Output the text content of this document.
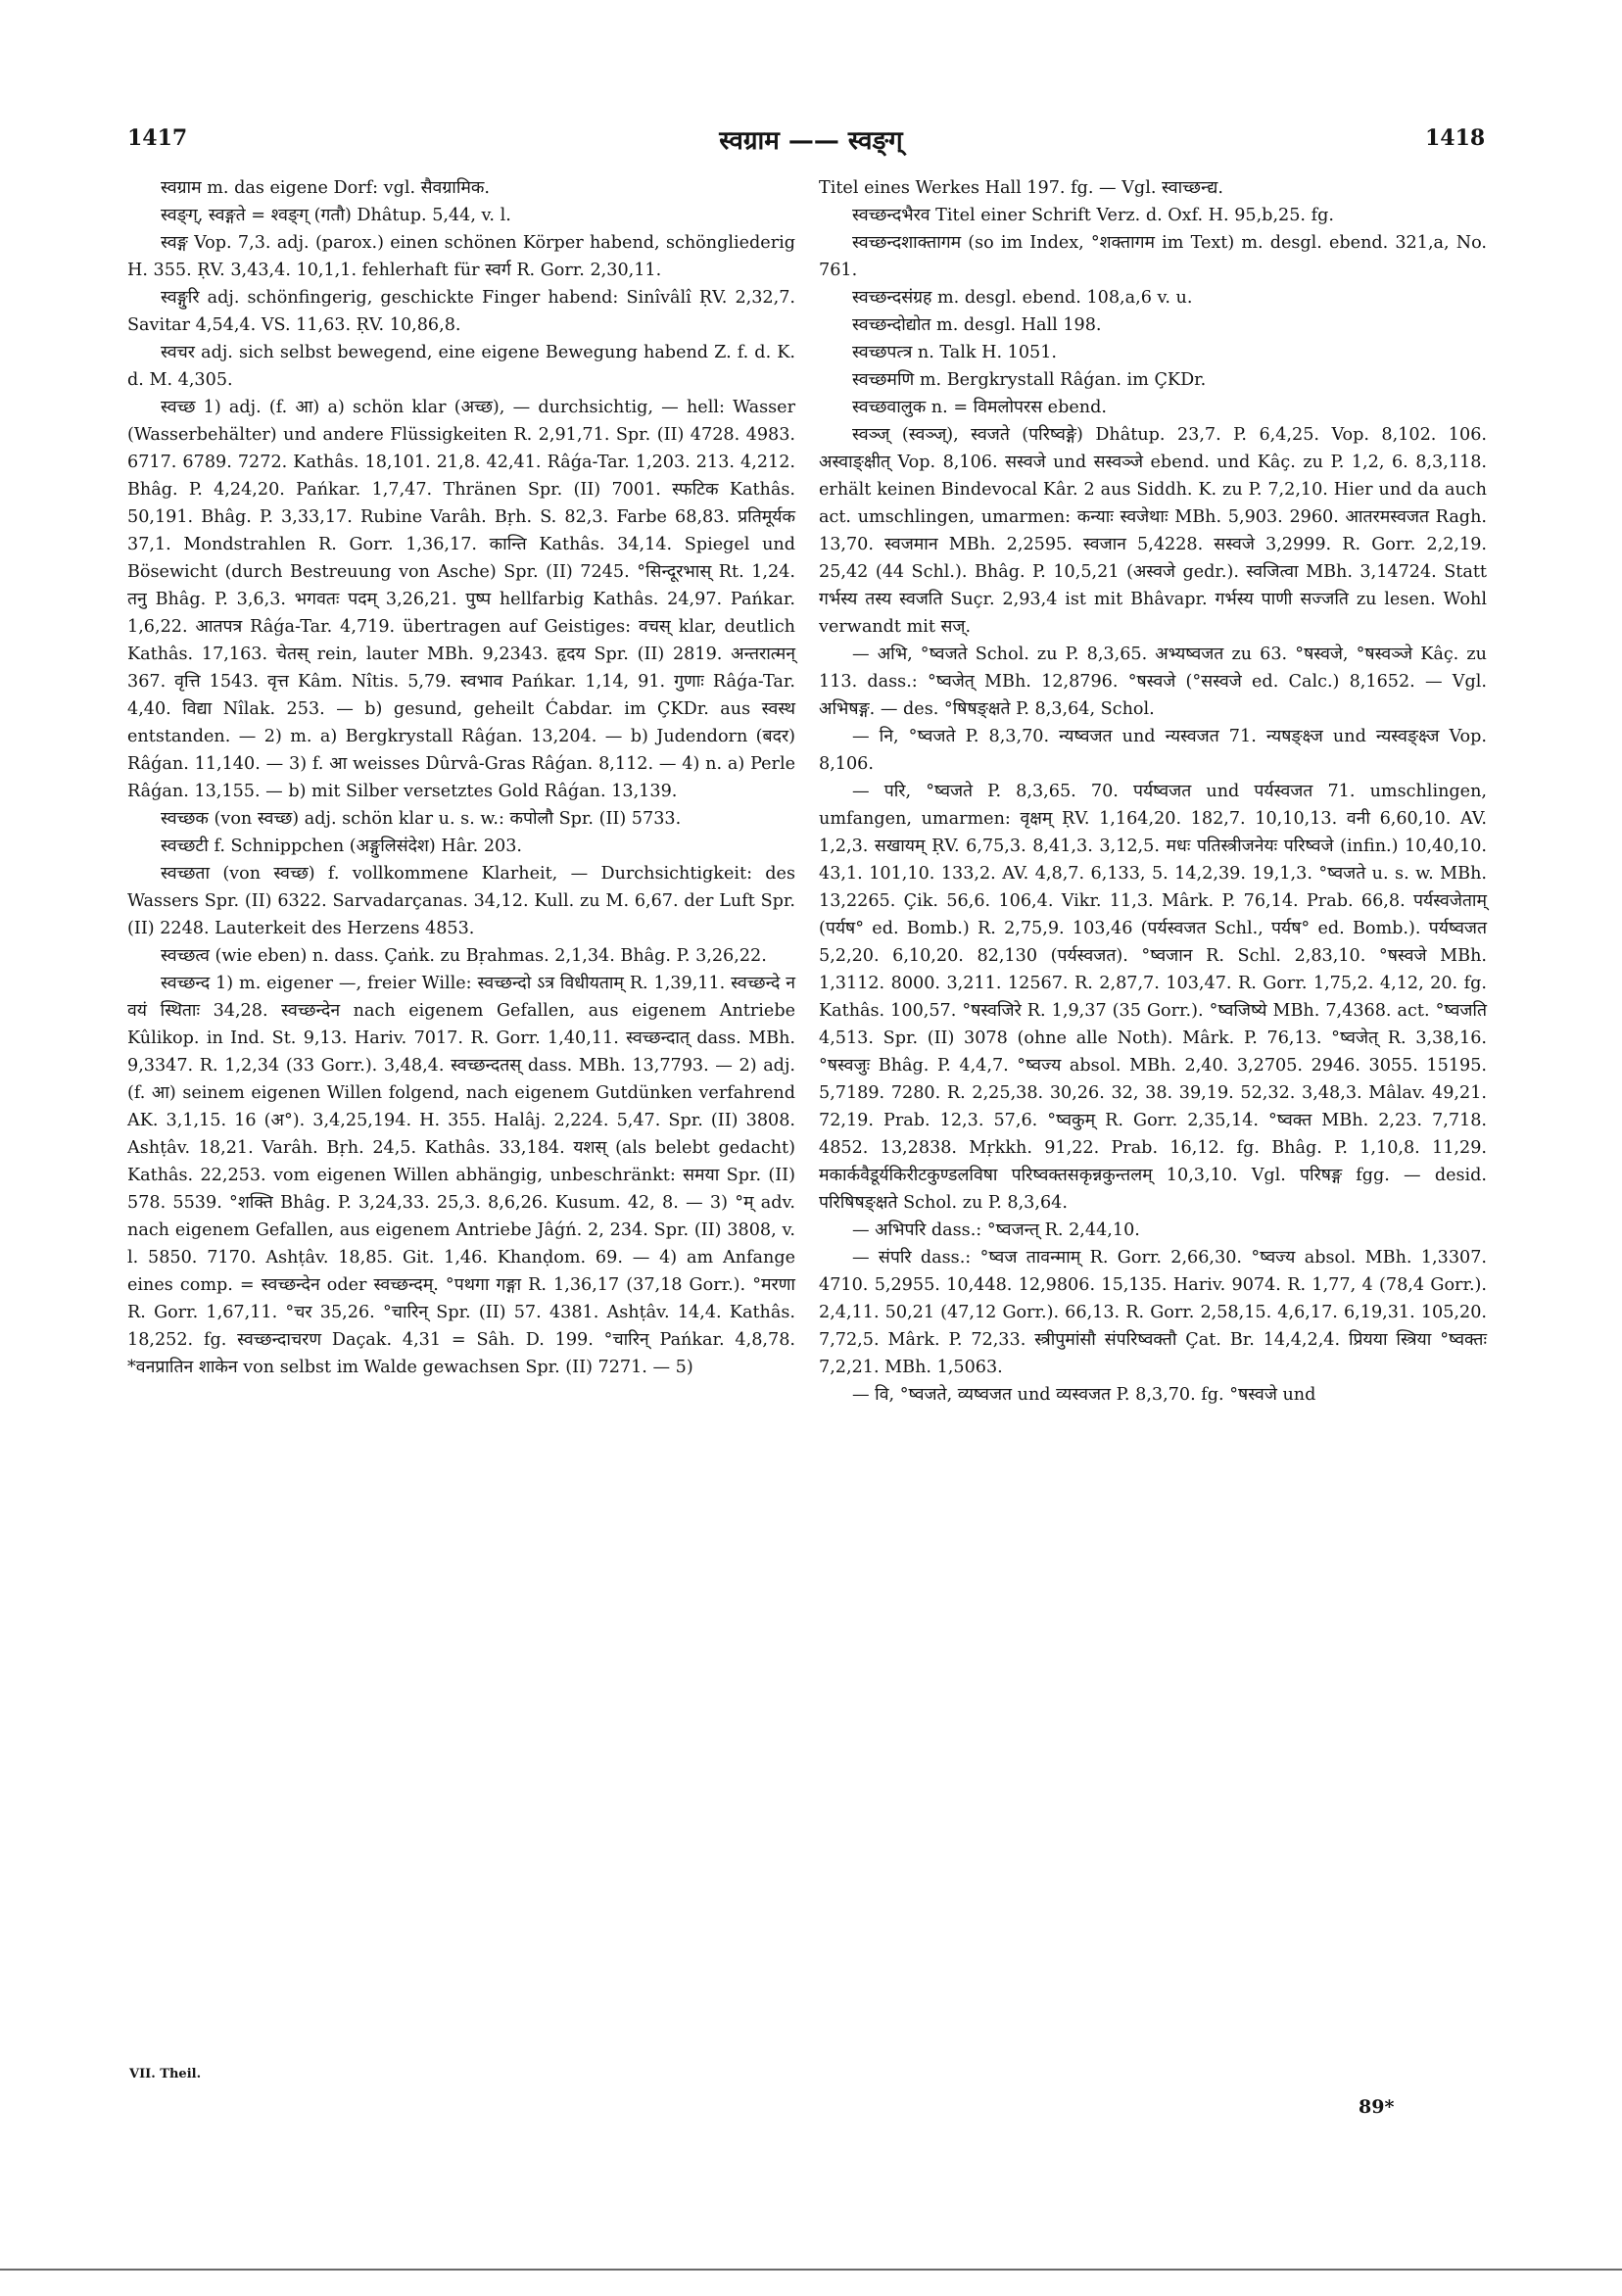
1417	स्वग्राम —— स्वङ्ग्	1418

स्वग्राम m. das eigene Dorf: vgl. सैवग्रामिक.

स्वङ्ग्, स्वङ्गते = श्वङ्ग् (गतौ) Dhâtup. 5,44, v. l.

स्वङ्ग Vop. 7,3. adj. (parox.) einen schönen Körper habend, schöngliederig H. 355. ṚV. 3,43,4. 10,1,1. fehlerhaft für स्वर्ग R. Gorr. 2,30,11.

स्वङ्गुरि adj. schönfingerig, geschickte Finger habend: Sinîvâlî ṚV. 2,32,7. Savitar 4,54,4. VS. 11,63. ṚV. 10,86,8.

स्वचर adj. sich selbst bewegend, eine eigene Bewegung habend Z. f. d. K. d. M. 4,305.

स्वच्छ 1) adj. (f. आ) a) schön klar (अच्छ), — durchsichtig, — hell: Wasser (Wasserbehälter) und andere Flüssigkeiten R. 2,91,71. Spr. (II) 4728. 4983. 6717. 6789. 7272. Kathâs. 18,101. 21,8. 42,41. Râǵa-Tar. 1,203. 213. 4,212. Bhâg. P. 4,24,20. Pańkar. 1,7,47. Thränen Spr. (II) 7001. स्फटिक Kathâs. 50,191. Bhâg. P. 3,33,17. Rubine Varâh. Bṛh. S. 82,3. Farbe 68,83. प्रतिमूर्यक 37,1. Mondstrahlen R. Gorr. 1,36,17. कान्ति Kathâs. 34,14. Spiegel und Bösewicht (durch Bestreuung von Asche) Spr. (II) 7245. °सिन्दूरभास् Rt. 1,24. तनु Bhâg. P. 3,6,3. भगवतः पदम् 3,26,21. पुष्प hellfarbig Kathâs. 24,97. Pańkar. 1,6,22. आतपत्र Râǵa-Tar. 4,719. übertragen auf Geistiges: वचस् klar, deutlich Kathâs. 17,163. चेतस् rein, lauter MBh. 9,2343. हृदय Spr. (II) 2819. अन्तरात्मन् 367. वृत्ति 1543. वृत्त Kâm. Nîtis. 5,79. स्वभाव Pańkar. 1,14, 91. गुणाः Râǵa-Tar. 4,40. विद्या Nîlak. 253. — b) gesund, geheilt Ćabdar. im ÇKDr. aus स्वस्थ entstanden. — 2) m. a) Bergkrystall Râǵan. 13,204. — b) Judendorn (बदर) Râǵan. 11,140. — 3) f. आ weisses Dûrvâ-Gras Râǵan. 8,112. — 4) n. a) Perle Râǵan. 13,155. — b) mit Silber versetztes Gold Râǵan. 13,139.

स्वच्छक (von स्वच्छ) adj. schön klar u. s. w.: कपोलौ Spr. (II) 5733.

स्वच्छटी f. Schnippchen (अङ्गुलिसंदेश) Hâr. 203.

स्वच्छता (von स्वच्छ) f. vollkommene Klarheit, — Durchsichtigkeit: des Wassers Spr. (II) 6322. Sarvadarçanas. 34,12. Kull. zu M. 6,67. der Luft Spr. (II) 2248. Lauterkeit des Herzens 4853.

स्वच्छत्व (wie eben) n. dass. Çaṅk. zu Bṛahmas. 2,1,34. Bhâg. P. 3,26,22.

स्वच्छन्द 1) m. eigener —, freier Wille: स्वच्छन्दो ऽत्र विधीयताम् R. 1,39,11. स्वच्छन्दे न वयं स्थिताः 34,28. स्वच्छन्देन nach eigenem Gefallen, aus eigenem Antriebe Kûlikop. in Ind. St. 9,13. Hariv. 7017. R. Gorr. 1,40,11. स्वच्छन्दात् dass. MBh. 9,3347. R. 1,2,34 (33 Gorr.). 3,48,4. स्वच्छन्दतस् dass. MBh. 13,7793. — 2) adj. (f. आ) seinem eigenen Willen folgend, nach eigenem Gutdünken verfahrend AK. 3,1,15. 16 (अ°). 3,4,25,194. H. 355. Halâj. 2,224. 5,47. Spr. (II) 3808. Ashṭâv. 18,21. Varâh. Bṛh. 24,5. Kathâs. 33,184. यशस् (als belebt gedacht) Kathâs. 22,253. vom eigenen Willen abhängig, unbeschränkt: समया Spr. (II) 578. 5539. °शक्ति Bhâg. P. 3,24,33. 25,3. 8,6,26. Kusum. 42, 8. — 3) °म् adv. nach eigenem Gefallen, aus eigenem Antriebe Jâǵń. 2, 234. Spr. (II) 3808, v. l. 5850. 7170. Ashṭâv. 18,85. Git. 1,46. Khanḍom. 69. — 4) am Anfange eines comp. = स्वच्छन्देन oder स्वच्छन्दम्. °पथगा गङ्गा R. 1,36,17 (37,18 Gorr.). °मरणा R. Gorr. 1,67,11. °चर 35,26. °चारिन् Spr. (II) 57. 4381. Ashṭâv. 14,4. Kathâs. 18,252. fg. स्वच्छन्दाचरण Daçak. 4,31 = Sâh. D. 199. °चारिन् Pańkar. 4,8,78. *वनप्रातिन शाकेन von selbst im Walde gewachsen Spr. (II) 7271. — 5)

Titel eines Werkes Hall 197. fg. — Vgl. स्वाच्छन्द्य.

स्वच्छन्दभैरव Titel einer Schrift Verz. d. Oxf. H. 95,b,25. fg.

स्वच्छन्दशाक्तागम (so im Index, °शक्तागम im Text) m. desgl. ebend. 321,a, No. 761.

स्वच्छन्दसंग्रह m. desgl. ebend. 108,a,6 v. u.

स्वच्छन्दोद्योत m. desgl. Hall 198.

स्वच्छपत्त्र n. Talk H. 1051.

स्वच्छमणि m. Bergkrystall Râǵan. im ÇKDr.

स्वच्छवालुक n. = विमलोपरस ebend.

स्वञ्ज् (स्वञ्ज्), स्वजते (परिष्वङ्गे) Dhâtup. 23,7. P. 6,4,25. Vop. 8,102. 106. अस्वाङ्क्षीत् Vop. 8,106. सस्वजे und सस्वञ्जे ebend. und Kâç. zu P. 1,2, 6. 8,3,118. erhält keinen Bindevocal Kâr. 2 aus Siddh. K. zu P. 7,2,10. Hier und da auch act. umschlingen, umarmen: कन्याः स्वजेथाः MBh. 5,903. 2960. आतरमस्वजत Ragh. 13,70. स्वजमान MBh. 2,2595. स्वजान 5,4228. सस्वजे 3,2999. R. Gorr. 2,2,19. 25,42 (44 Schl.). Bhâg. P. 10,5,21 (अस्वजे gedr.). स्वजित्वा MBh. 3,14724. Statt गर्भस्य तस्य स्वजति Suçr. 2,93,4 ist mit Bhâvapr. गर्भस्य पाणी सज्जति zu lesen. Wohl verwandt mit सज्.

— अभि, °ष्वजते Schol. zu P. 8,3,65. अभ्यष्वजत zu 63. °षस्वजे, °षस्वञ्जे Kâç. zu 113. dass.: °ष्वजेत् MBh. 12,8796. °षस्वजे (°सस्वजे ed. Calc.) 8,1652. — Vgl. अभिषङ्ग. — des. °षिषङ्क्षते P. 8,3,64, Schol.

— नि, °ष्वजते P. 8,3,70. न्यष्वजत und न्यस्वजत 71. न्यषङ्क्ष्ज und न्यस्वङ्क्ष्ज Vop. 8,106.

— परि, °ष्वजते P. 8,3,65. 70. पर्यष्वजत und पर्यस्वजत 71. umschlingen, umfangen, umarmen: वृक्षम् ṚV. 1,164,20. 182,7. 10,10,13. वनी 6,60,10. AV. 1,2,3. सखायम् ṚV. 6,75,3. 8,41,3. 3,12,5. मधः पतिस्त्रीजनेयः परिष्वजे (infin.) 10,40,10. 43,1. 101,10. 133,2. AV. 4,8,7. 6,133, 5. 14,2,39. 19,1,3. °ष्वजते u. s. w. MBh. 13,2265. Çik. 56,6. 106,4. Vikr. 11,3. Mârk. P. 76,14. Prab. 66,8. पर्यस्वजेताम् (पर्यष° ed. Bomb.) R. 2,75,9. 103,46 (पर्यस्वजत Schl., पर्यष° ed. Bomb.). पर्यष्वजत 5,2,20. 6,10,20. 82,130 (पर्यस्वजत). °ष्वजान R. Schl. 2,83,10. °षस्वजे MBh. 1,3112. 8000. 3,211. 12567. R. 2,87,7. 103,47. R. Gorr. 1,75,2. 4,12, 20. fg. Kathâs. 100,57. °षस्वजिरे R. 1,9,37 (35 Gorr.). °ष्वजिष्ये MBh. 7,4368. act. °ष्वजति 4,513. Spr. (II) 3078 (ohne alle Noth). Mârk. P. 76,13. °ष्वजेत् R. 3,38,16. °षस्वजुः Bhâg. P. 4,4,7. °ष्वज्य absol. MBh. 2,40. 3,2705. 2946. 3055. 15195. 5,7189. 7280. R. 2,25,38. 30,26. 32, 38. 39,19. 52,32. 3,48,3. Mâlav. 49,21. 72,19. Prab. 12,3. 57,6. °ष्वकुम् R. Gorr. 2,35,14. °ष्वक्त MBh. 2,23. 7,718. 4852. 13,2838. Mṛkkh. 91,22. Prab. 16,12. fg. Bhâg. P. 1,10,8. 11,29. मकार्कवैडूर्यकिरीटकुण्डलविषा परिष्वक्तसकृन्नकुन्तलम् 10,3,10. Vgl. परिषङ्ग fgg. — desid. परिषिषङ्क्षते Schol. zu P. 8,3,64.

— अभिपरि dass.: °ष्वजन्त् R. 2,44,10.

— संपरि dass.: °ष्वज तावन्माम् R. Gorr. 2,66,30. °ष्वज्य absol. MBh. 1,3307. 4710. 5,2955. 10,448. 12,9806. 15,135. Hariv. 9074. R. 1,77, 4 (78,4 Gorr.). 2,4,11. 50,21 (47,12 Gorr.). 66,13. R. Gorr. 2,58,15. 4,6,17. 6,19,31. 105,20. 7,72,5. Mârk. P. 72,33. स्त्रीपुमांसौ संपरिष्वक्तौ Çat. Br. 14,4,2,4. प्रियया स्त्रिया °ष्वक्तः 7,2,21. MBh. 1,5063.

— वि, °ष्वजते, व्यष्वजत und व्यस्वजत P. 8,3,70. fg. °षस्वजे und

VII. Theil.
89*
